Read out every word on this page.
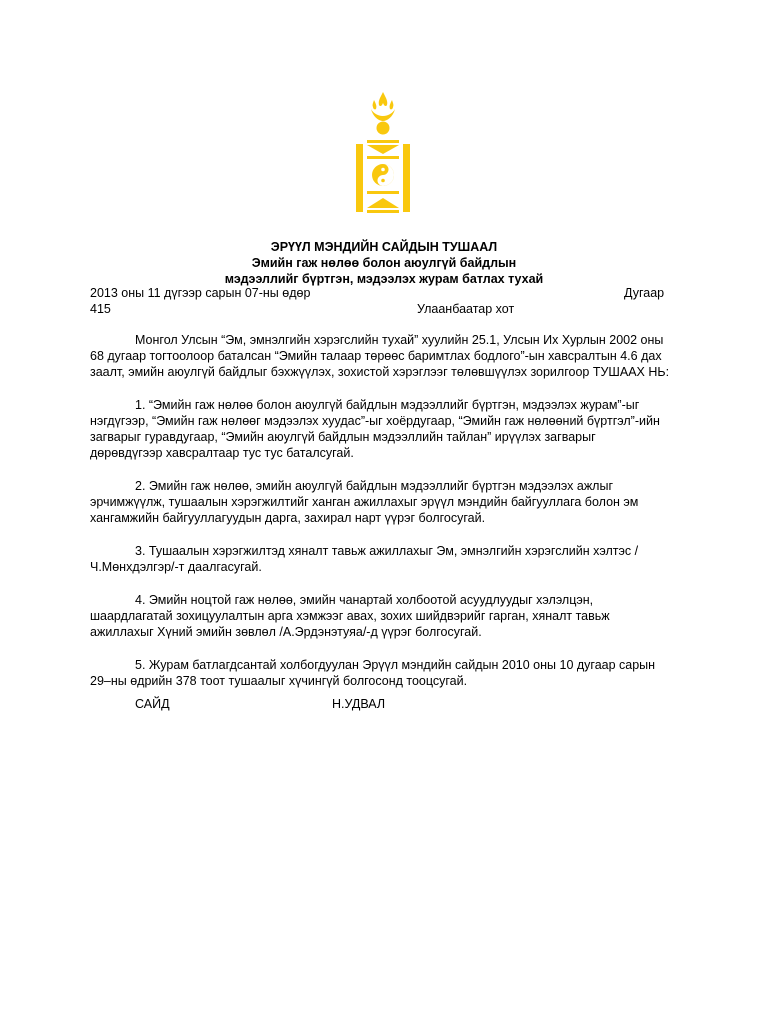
ЭРҮҮЛ МЭНДИЙН САЙДЫН ТУШААЛ
Эмийн гаж нөлөө болон аюулгүй байдлын
мэдээллийг бүртгэн, мэдээлэх журам батлах тухай
2013 оны 11 дүгээр сарын 07-ны өдөр	Дугаар
415	Улаанбаатар хот

Монгол Улсын “Эм, эмнэлгийн хэрэгслийн тухай” хуулийн 25.1, Улсын Их Хурлын 2002 оны 68 дугаар тогтоолоор баталсан “Эмийн талаар төрөөс баримтлах бодлого”-ын хавсралтын 4.6 дах заалт, эмийн аюулгүй байдлыг бэхжүүлэх, зохистой хэрэглээг төлөвшүүлэх зорилгоор ТУШААХ НЬ:

1. “Эмийн гаж нөлөө болон аюулгүй байдлын мэдээллийг бүртгэн, мэдээлэх журам”-ыг нэгдүгээр, “Эмийн гаж нөлөөг мэдээлэх хуудас”-ыг хоёрдугаар, “Эмийн гаж нөлөөний бүртгэл”-ийн загварыг гуравдугаар, “Эмийн аюулгүй байдлын мэдээллийн тайлан” ирүүлэх загварыг дөрөвдүгээр хавсралтаар тус тус баталсугай.

2. Эмийн гаж нөлөө, эмийн аюулгүй байдлын мэдээллийг бүртгэн мэдээлэх ажлыг эрчимжүүлж, тушаалын хэрэгжилтийг ханган ажиллахыг эрүүл мэндийн байгууллага болон эм хангамжийн байгууллагуудын дарга, захирал нарт үүрэг болгосугай.

3. Тушаалын хэрэгжилтэд хяналт тавьж ажиллахыг Эм, эмнэлгийн хэрэгслийн хэлтэс /Ч.Мөнхдэлгэр/-т даалгасугай.

4. Эмийн ноцтой гаж нөлөө, эмийн чанартай холбоотой асуудлуудыг хэлэлцэн, шаардлагатай зохицуулалтын арга хэмжээг авах, зохих шийдвэрийг гарган, хяналт тавьж ажиллахыг Хүний эмийн зөвлөл /А.Эрдэнэтуяа/-д үүрэг болгосугай.

5. Журам батлагдсантай холбогдуулан Эрүүл мэндийн сайдын 2010 оны 10 дугаар сарын 29–ны өдрийн 378 тоот тушаалыг хүчингүй болгосонд тооцсугай.

САЙД	Н.УДВАЛ
